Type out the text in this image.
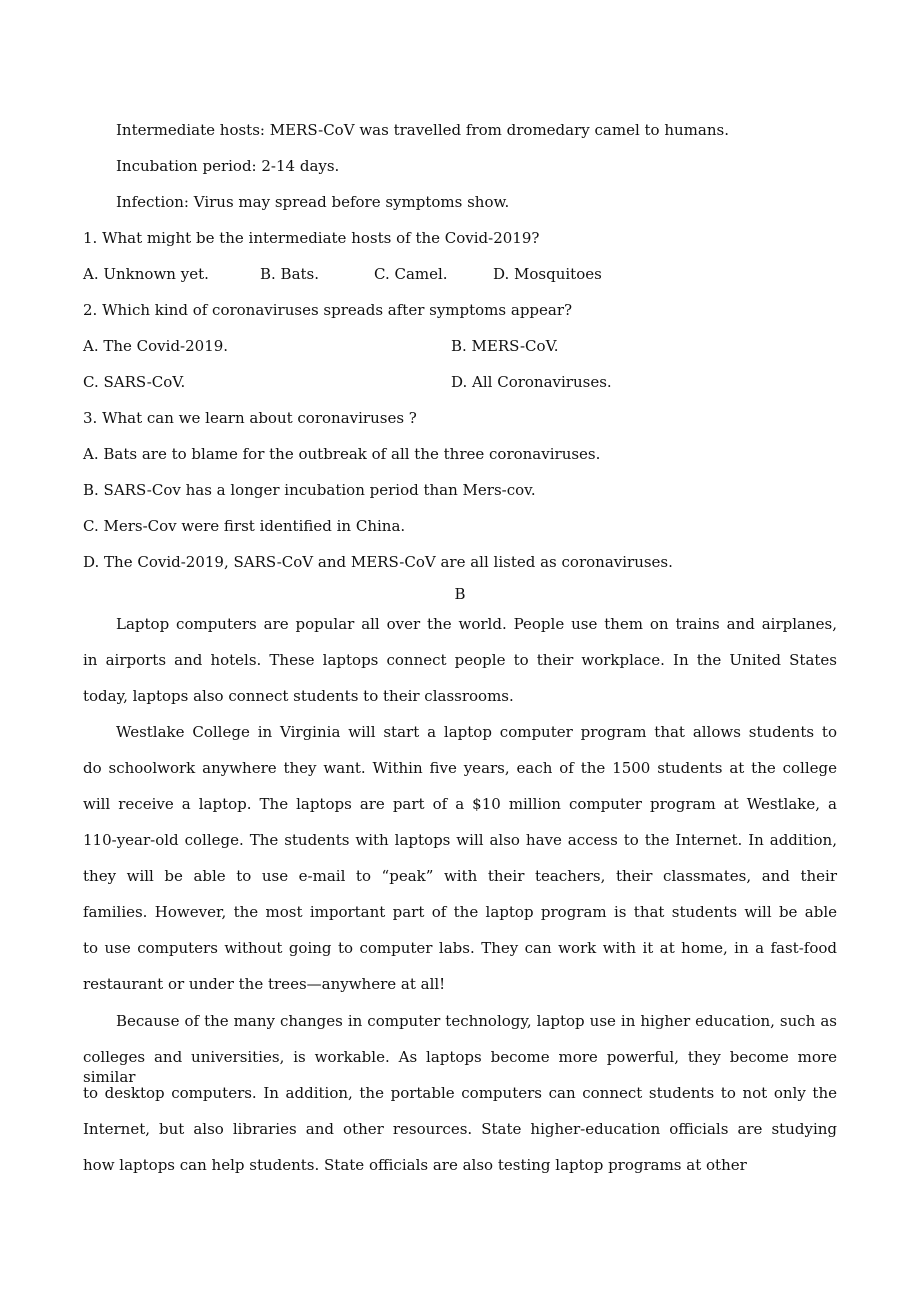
Intermediate hosts: MERS-CoV was travelled from dromedary camel to humans.
Incubation period: 2-14 days.
Infection: Virus may spread before symptoms show.
1. What might be the intermediate hosts of the Covid-2019?
A. Unknown yet.	B. Bats.	C. Camel.	D. Mosquitoes
2. Which kind of coronaviruses spreads after symptoms appear?
A. The Covid-2019.	B. MERS-CoV.
C. SARS-CoV.	D. All Coronaviruses.
3. What can we learn about coronaviruses ?
A. Bats are to blame for the outbreak of all the three coronaviruses.
B. SARS-Cov has a longer incubation period than Mers-cov.
C. Mers-Cov were first identified in China.
D. The Covid-2019, SARS-CoV and MERS-CoV are all listed as coronaviruses.
B
Laptop computers are popular all over the world. People use them on trains and airplanes,
in airports and hotels. These laptops connect people to their workplace. In the United States
today, laptops also connect students to their classrooms.
Westlake College in Virginia will start a laptop computer program that allows students to
do schoolwork anywhere they want. Within five years, each of the 1500 students at the college
will receive a laptop. The laptops are part of a $10 million computer program at Westlake, a
110-year-old college. The students with laptops will also have access to the Internet. In addition,
they will be able to use e-mail to “peak” with their teachers, their classmates, and their
families. However, the most important part of the laptop program is that students will be able
to use computers without going to computer labs. They can work with it at home, in a fast-food
restaurant or under the trees—anywhere at all!
Because of the many changes in computer technology, laptop use in higher education, such as
colleges and universities, is workable. As laptops become more powerful, they become more similar
to desktop computers. In addition, the portable computers can connect students to not only the
Internet, but also libraries and other resources. State higher-education officials are studying
how laptops can help students. State officials are also testing laptop programs at other
